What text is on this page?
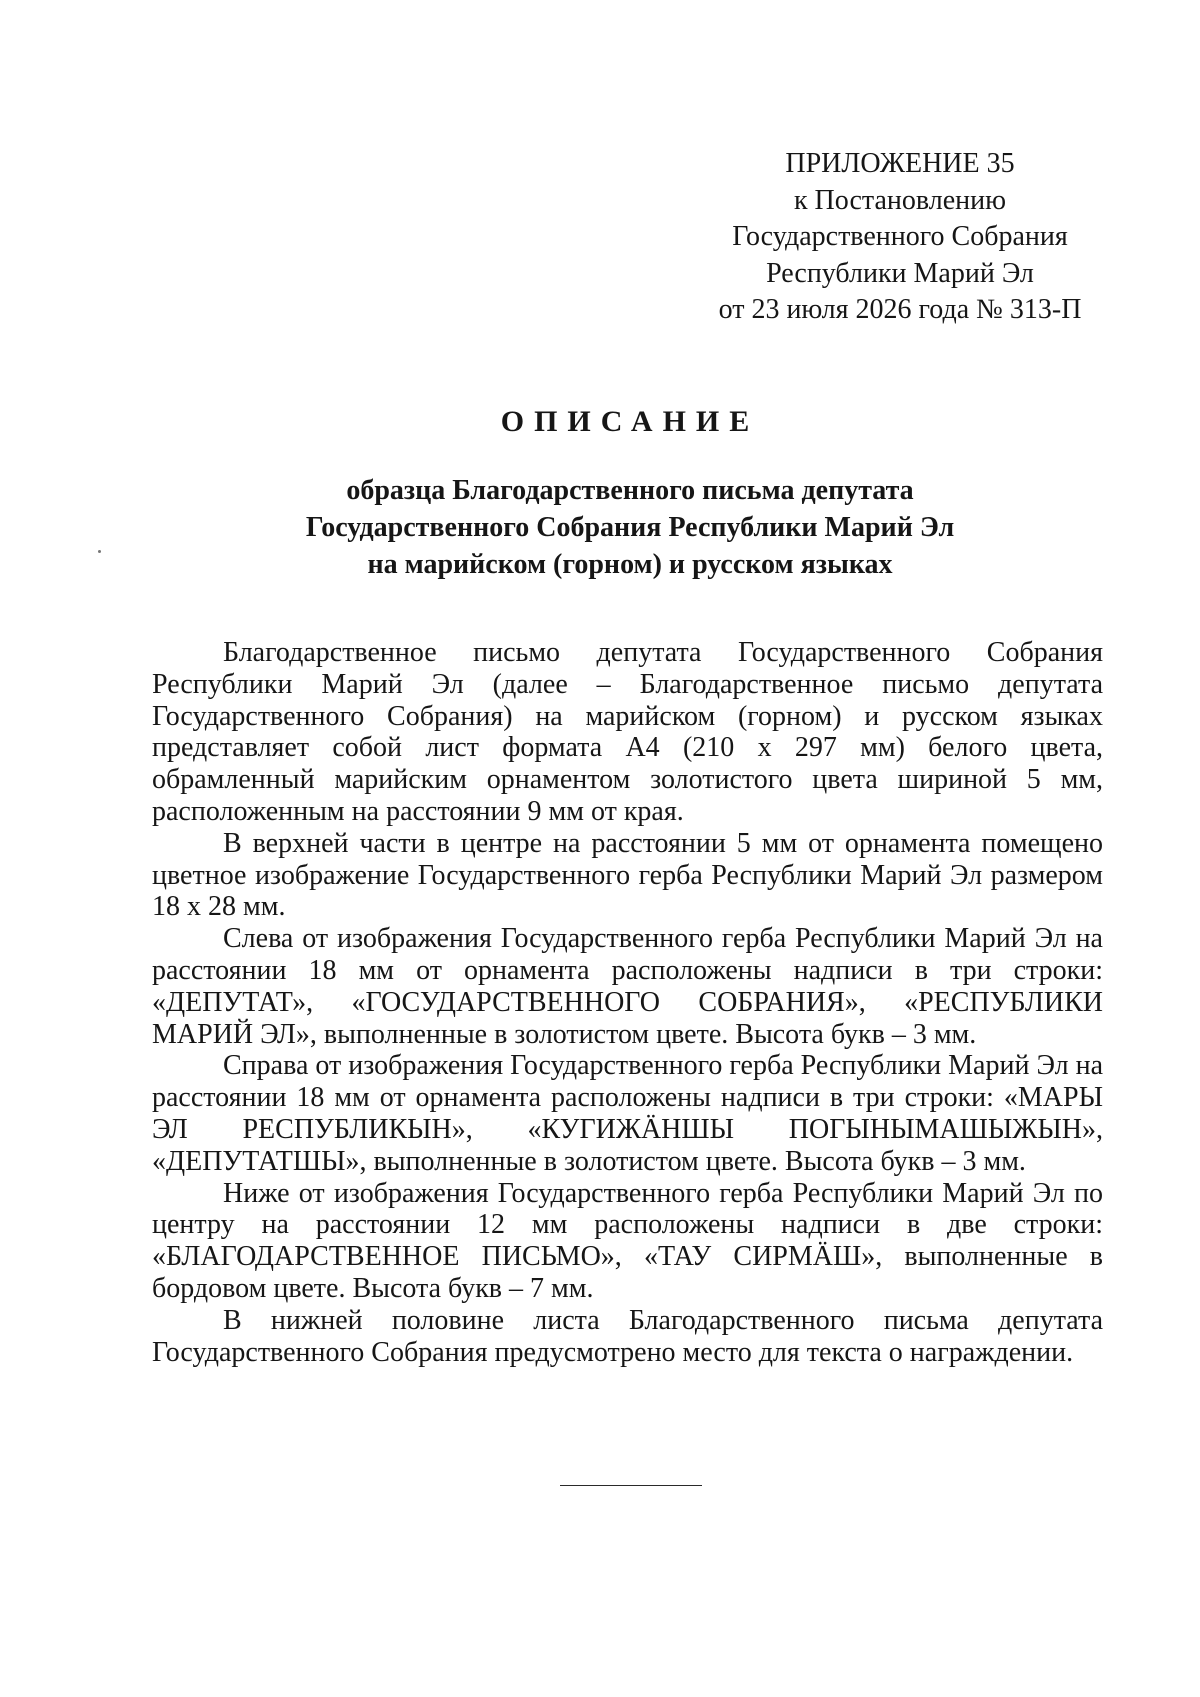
ПРИЛОЖЕНИЕ 35
к Постановлению
Государственного Собрания
Республики Марий Эл
от 23 июля 2026 года № 313-П
ОПИСАНИЕ
образца Благодарственного письма депутата
Государственного Собрания Республики Марий Эл
на марийском (горном) и русском языках

Благодарственное письмо депутата Государственного Собрания Республики Марий Эл (далее – Благодарственное письмо депутата Государственного Собрания) на марийском (горном) и русском языках представляет собой лист формата А4 (210 х 297 мм) белого цвета, обрамленный марийским орнаментом золотистого цвета шириной 5 мм, расположенным на расстоянии 9 мм от края.

В верхней части в центре на расстоянии 5 мм от орнамента помещено цветное изображение Государственного герба Республики Марий Эл размером 18 х 28 мм.

Слева от изображения Государственного герба Республики Марий Эл на расстоянии 18 мм от орнамента расположены надписи в три строки: «ДЕПУТАТ», «ГОСУДАРСТВЕННОГО СОБРАНИЯ», «РЕСПУБЛИКИ МАРИЙ ЭЛ», выполненные в золотистом цвете. Высота букв – 3 мм.

Справа от изображения Государственного герба Республики Марий Эл на расстоянии 18 мм от орнамента расположены надписи в три строки: «МАРЫ ЭЛ РЕСПУБЛИКЫН», «КУГИЖӒНШЫ ПОГЫНЫМАШЫЖЫН», «ДЕПУТАТШЫ», выполненные в золотистом цвете. Высота букв – 3 мм.

Ниже от изображения Государственного герба Республики Марий Эл по центру на расстоянии 12 мм расположены надписи в две строки: «БЛАГОДАРСТВЕННОЕ ПИСЬМО», «ТАУ СИРМӒШ», выполненные в бордовом цвете. Высота букв – 7 мм.

В нижней половине листа Благодарственного письма депутата Государственного Собрания предусмотрено место для текста о награждении.
